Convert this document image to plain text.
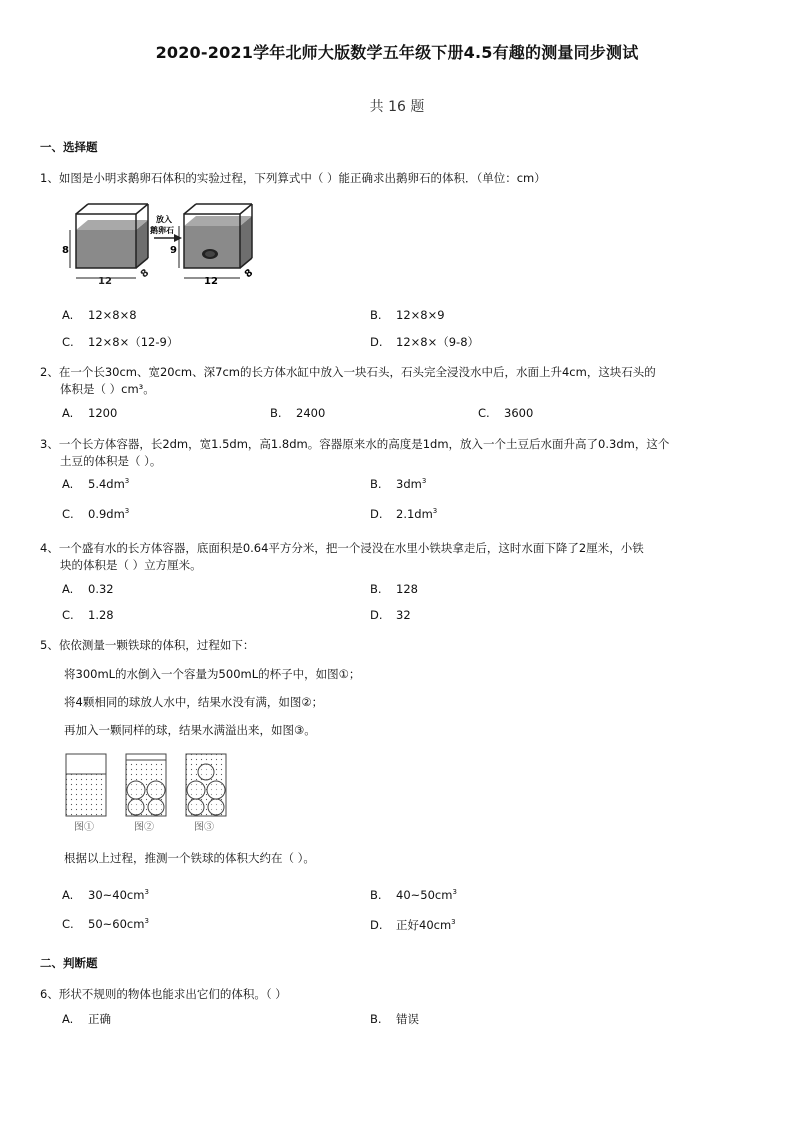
2020-2021学年北师大版数学五年级下册4.5有趣的测量同步测试
共 16 题
一、选择题
1、如图是小明求鹅卵石体积的实验过程，下列算式中（ ）能正确求出鹅卵石的体积．（单位：cm）
8
12
8
放入
鹅卵石
9
12
8
A. 12×8×8	B. 12×8×9
C. 12×8×（12-9）	D. 12×8×（9-8）
2、在一个长30cm、宽20cm、深7cm的长方体水缸中放入一块石头，石头完全浸没水中后，水面上升4cm，这块石头的
体积是（ ）cm³。
A. 1200	B. 2400	C. 3600
3、一个长方体容器，长2dm，宽1.5dm，高1.8dm。容器原来水的高度是1dm，放入一个土豆后水面升高了0.3dm，这个
土豆的体积是（ ）。
A. $5.4dm^3$	B. $3dm^3$
C. $0.9dm^3$	D. $2.1dm^3$
4、一个盛有水的长方体容器，底面积是0.64平方分米，把一个浸没在水里小铁块拿走后，这时水面下降了2厘米，小铁
块的体积是（ ）立方厘米。
A. 0.32	B. 128
C. 1.28	D. 32
5、依依测量一颗铁球的体积，过程如下：
将300mL的水倒入一个容量为500mL的杯子中，如图①；
将4颗相同的球放人水中，结果水没有满，如图②；
再加入一颗同样的球，结果水满溢出来，如图③。
图①	图②	图③
根据以上过程，推测一个铁球的体积大约在（ ）。
A. $30\sim 40cm^3$	B. $40\sim 50cm^3$
C. $50\sim 60cm^3$	D. 正好$40cm^3$
二、判断题
6、形状不规则的物体也能求出它们的体积。（ ）
A. 正确	B. 错误
